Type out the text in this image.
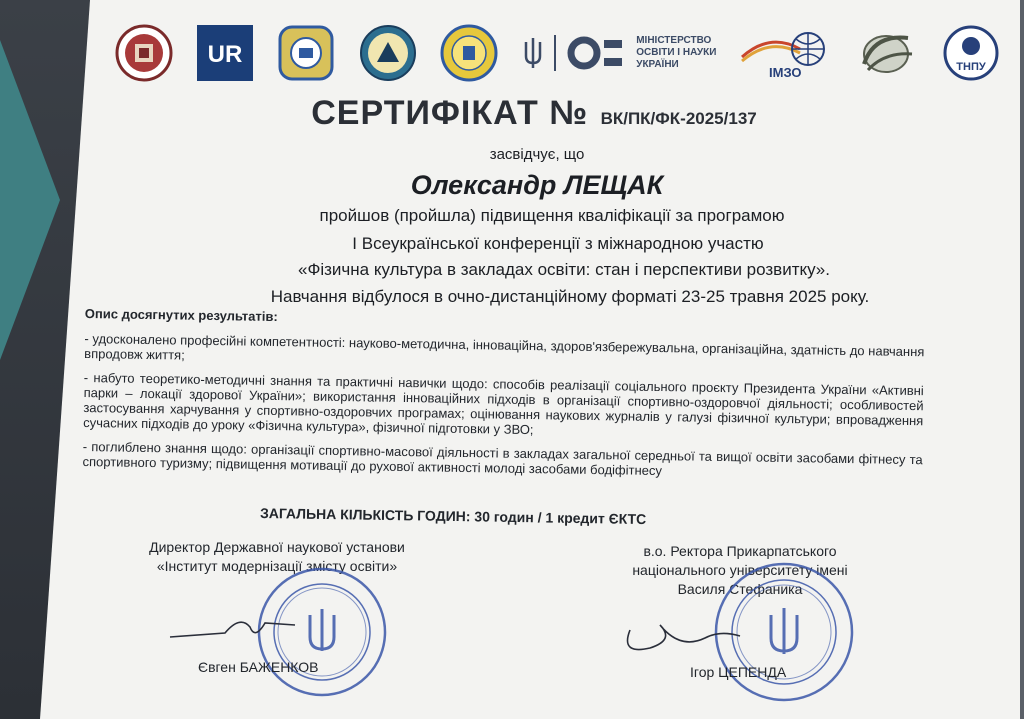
UR
МІНІСТЕРСТВО
ОСВІТИ І НАУКИ
УКРАЇНИ	ІМЗО	ТНПУ
СЕРТИФІКАТ № ВК/ПК/ФК-2025/137
засвідчує, що
Олександр ЛЕЩАК
пройшов (пройшла) підвищення кваліфікації за програмою
I Всеукраїнської конференції з міжнародною участю
«Фізична культура в закладах освіти: стан і перспективи розвитку».
Навчання відбулося в очно-дистанційному форматі 23-25 травня 2025 року.
Опис досягнутих результатів:
- удосконалено професійні компетентності: науково-методична, інноваційна, здоров'язбережувальна, організаційна, здатність до навчання впродовж життя;
- набуто теоретико-методичні знання та практичні навички щодо: способів реалізації соціального проєкту Президента України «Активні парки – локації здорової України»; використання інноваційних підходів в організації спортивно-оздоровчої діяльності; особливостей застосування харчування у спортивно-оздоровчих програмах; оцінювання наукових журналів у галузі фізичної культури; впровадження сучасних підходів до уроку «Фізична культура», фізичної підготовки у ЗВО;
- поглиблено знання щодо: організації спортивно-масової діяльності в закладах загальної середньої та вищої освіти засобами фітнесу та спортивного туризму; підвищення мотивації до рухової активності молоді засобами бодіфітнесу
ЗАГАЛЬНА КІЛЬКІСТЬ ГОДИН: 30 годин / 1 кредит ЄКТС
Директор Державної наукової установи
«Інститут модернізації змісту освіти»
в.о. Ректора Прикарпатського
національного університету імені
Василя Стефаника
Євген БАЖЕНКОВ	Ігор ЦЕПЕНДА
